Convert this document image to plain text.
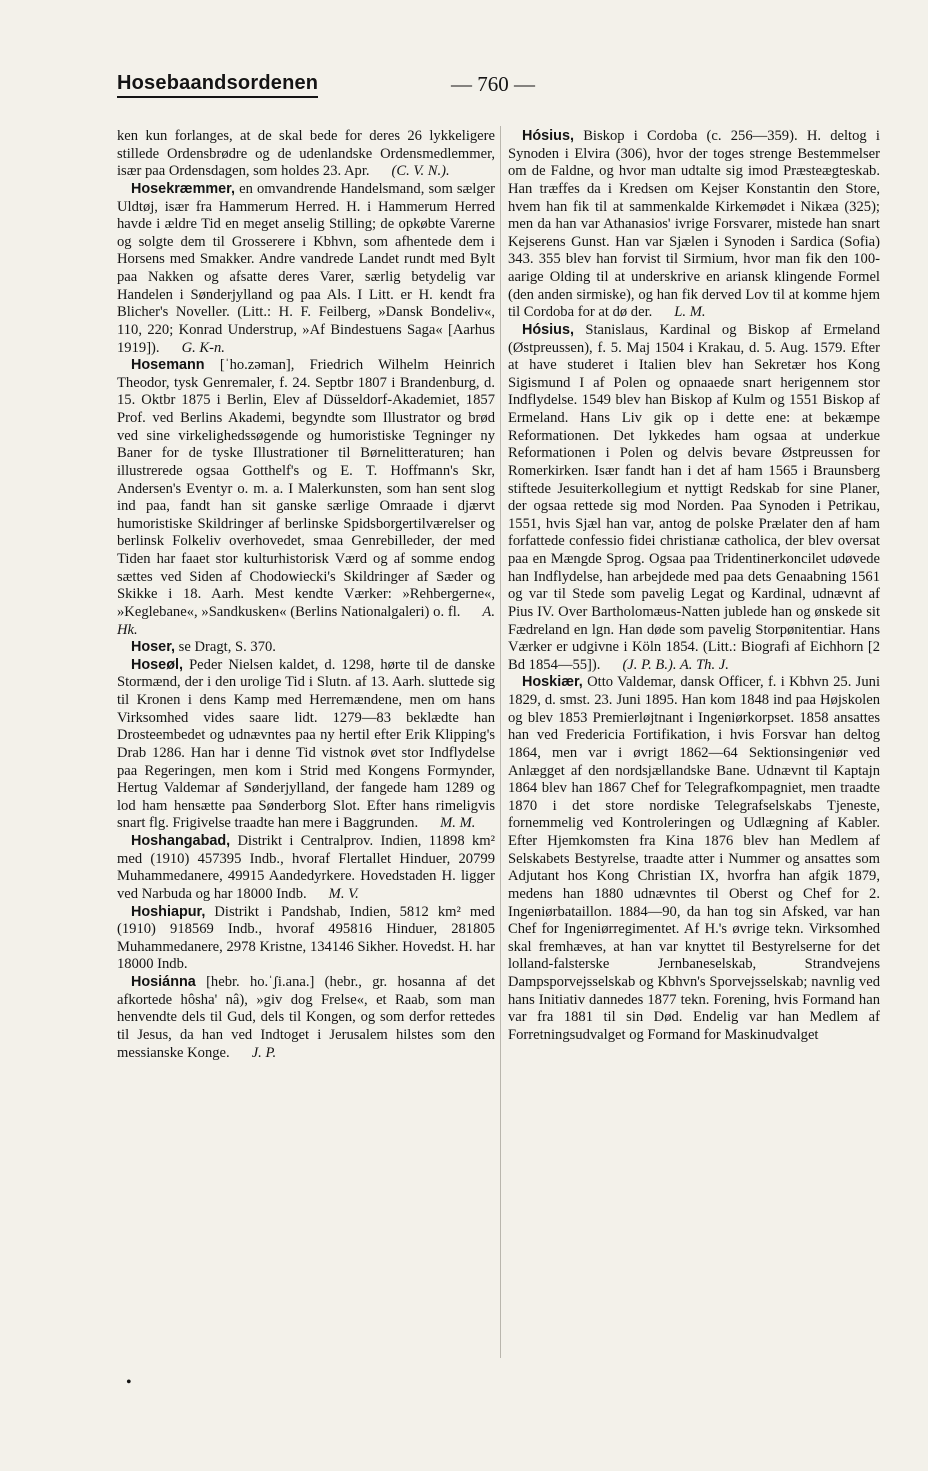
Hosebaandsordenen	— 760 —

ken kun forlanges, at de skal bede for deres 26 lykkeligere stillede Ordensbrødre og de udenlandske Ordensmedlemmer, især paa Ordensdagen, som holdes 23. Apr. (C. V. N.).

Hosekræmmer, en omvandrende Handelsmand, som sælger Uldtøj, især fra Hammerum Herred. H. i Hammerum Herred havde i ældre Tid en meget anselig Stilling; de opkøbte Varerne og solgte dem til Grosserere i Kbhvn, som afhentede dem i Horsens med Smakker. Andre vandrede Landet rundt med Bylt paa Nakken og afsatte deres Varer, særlig betydelig var Handelen i Sønderjylland og paa Als. I Litt. er H. kendt fra Blicher's Noveller. (Litt.: H. F. Feilberg, »Dansk Bondeliv«, 110, 220; Konrad Understrup, »Af Bindestuens Saga« [Aarhus 1919]). G. K-n.

Hosemann [ˈho.zəman], Friedrich Wilhelm Heinrich Theodor, tysk Genremaler, f. 24. Septbr 1807 i Brandenburg, d. 15. Oktbr 1875 i Berlin, Elev af Düsseldorf-Akademiet, 1857 Prof. ved Berlins Akademi, begyndte som Illustrator og brød ved sine virkelighedssøgende og humoristiske Tegninger ny Baner for de tyske Illustrationer til Børnelitteraturen; han illustrerede ogsaa Gotthelf's og E. T. Hoffmann's Skr, Andersen's Eventyr o. m. a. I Malerkunsten, som han sent slog ind paa, fandt han sit ganske særlige Omraade i djærvt humoristiske Skildringer af berlinske Spidsborgertilværelser og berlinsk Folkeliv overhovedet, smaa Genrebilleder, der med Tiden har faaet stor kulturhistorisk Værd og af somme endog sættes ved Siden af Chodowiecki's Skildringer af Sæder og Skikke i 18. Aarh. Mest kendte Værker: »Rehbergerne«, »Keglebane«, »Sandkusken« (Berlins Nationalgaleri) o. fl. A. Hk.

Hoser, se Dragt, S. 370.

Hoseøl, Peder Nielsen kaldet, d. 1298, hørte til de danske Stormænd, der i den urolige Tid i Slutn. af 13. Aarh. sluttede sig til Kronen i dens Kamp med Herremændene, men om hans Virksomhed vides saare lidt. 1279—83 beklædte han Drosteembedet og udnævntes paa ny hertil efter Erik Klipping's Drab 1286. Han har i denne Tid vistnok øvet stor Indflydelse paa Regeringen, men kom i Strid med Kongens Formynder, Hertug Valdemar af Sønderjylland, der fangede ham 1289 og lod ham hensætte paa Sønderborg Slot. Efter hans rimeligvis snart flg. Frigivelse traadte han mere i Baggrunden. M. M.

Hoshangabad, Distrikt i Centralprov. Indien, 11898 km² med (1910) 457395 Indb., hvoraf Flertallet Hinduer, 20799 Muhammedanere, 49915 Aandedyrkere. Hovedstaden H. ligger ved Narbuda og har 18000 Indb. M. V.

Hoshiapur, Distrikt i Pandshab, Indien, 5812 km² med (1910) 918569 Indb., hvoraf 495816 Hinduer, 281805 Muhammedanere, 2978 Kristne, 134146 Sikher. Hovedst. H. har 18000 Indb.

Hosiánna [hebr. ho.ˈʃi.ana.] (hebr., gr. hosanna af det afkortede hôsha' nâ), »giv dog Frelse«, et Raab, som man henvendte dels til Gud, dels til Kongen, og som derfor rettedes til Jesus, da han ved Indtoget i Jerusalem hilstes som den messianske Konge. J. P.

Hósius, Biskop i Cordoba (c. 256—359). H. deltog i Synoden i Elvira (306), hvor der toges strenge Bestemmelser om de Faldne, og hvor man udtalte sig imod Præsteægteskab. Han træffes da i Kredsen om Kejser Konstantin den Store, hvem han fik til at sammenkalde Kirkemødet i Nikæa (325); men da han var Athanasios' ivrige Forsvarer, mistede han snart Kejserens Gunst. Han var Sjælen i Synoden i Sardica (Sofia) 343. 355 blev han forvist til Sirmium, hvor man fik den 100-aarige Olding til at underskrive en ariansk klingende Formel (den anden sirmiske), og han fik derved Lov til at komme hjem til Cordoba for at dø der. L. M.

Hósius, Stanislaus, Kardinal og Biskop af Ermeland (Østpreussen), f. 5. Maj 1504 i Krakau, d. 5. Aug. 1579. Efter at have studeret i Italien blev han Sekretær hos Kong Sigismund I af Polen og opnaaede snart herigennem stor Indflydelse. 1549 blev han Biskop af Kulm og 1551 Biskop af Ermeland. Hans Liv gik op i dette ene: at bekæmpe Reformationen. Det lykkedes ham ogsaa at underkue Reformationen i Polen og delvis bevare Østpreussen for Romerkirken. Især fandt han i det af ham 1565 i Braunsberg stiftede Jesuiterkollegium et nyttigt Redskab for sine Planer, der ogsaa rettede sig mod Norden. Paa Synoden i Petrikau, 1551, hvis Sjæl han var, antog de polske Prælater den af ham forfattede confessio fidei christianæ catholica, der blev oversat paa en Mængde Sprog. Ogsaa paa Tridentinerkoncilet udøvede han Indflydelse, han arbejdede med paa dets Genaabning 1561 og var til Stede som pavelig Legat og Kardinal, udnævnt af Pius IV. Over Bartholomæus-Natten jublede han og ønskede sit Fædreland en lgn. Han døde som pavelig Storpønitentiar. Hans Værker er udgivne i Köln 1854. (Litt.: Biografi af Eichhorn [2 Bd 1854—55]). (J. P. B.). A. Th. J.

Hoskiær, Otto Valdemar, dansk Officer, f. i Kbhvn 25. Juni 1829, d. smst. 23. Juni 1895. Han kom 1848 ind paa Højskolen og blev 1853 Premierløjtnant i Ingeniørkorpset. 1858 ansattes han ved Fredericia Fortifikation, i hvis Forsvar han deltog 1864, men var i øvrigt 1862—64 Sektionsingeniør ved Anlægget af den nordsjællandske Bane. Udnævnt til Kaptajn 1864 blev han 1867 Chef for Telegrafkompagniet, men traadte 1870 i det store nordiske Telegrafselskabs Tjeneste, fornemmelig ved Kontroleringen og Udlægning af Kabler. Efter Hjemkomsten fra Kina 1876 blev han Medlem af Selskabets Bestyrelse, traadte atter i Nummer og ansattes som Adjutant hos Kong Christian IX, hvorfra han afgik 1879, medens han 1880 udnævntes til Oberst og Chef for 2. Ingeniørbataillon. 1884—90, da han tog sin Afsked, var han Chef for Ingeniørregimentet. Af H.'s øvrige tekn. Virksomhed skal fremhæves, at han var knyttet til Bestyrelserne for det lolland-falsterske Jernbaneselskab, Strandvejens Dampsporvejsselskab og Kbhvn's Sporvejsselskab; navnlig ved hans Initiativ dannedes 1877 tekn. Forening, hvis Formand han var fra 1881 til sin Død. Endelig var han Medlem af Forretningsudvalget og Formand for Maskinudvalget

•
